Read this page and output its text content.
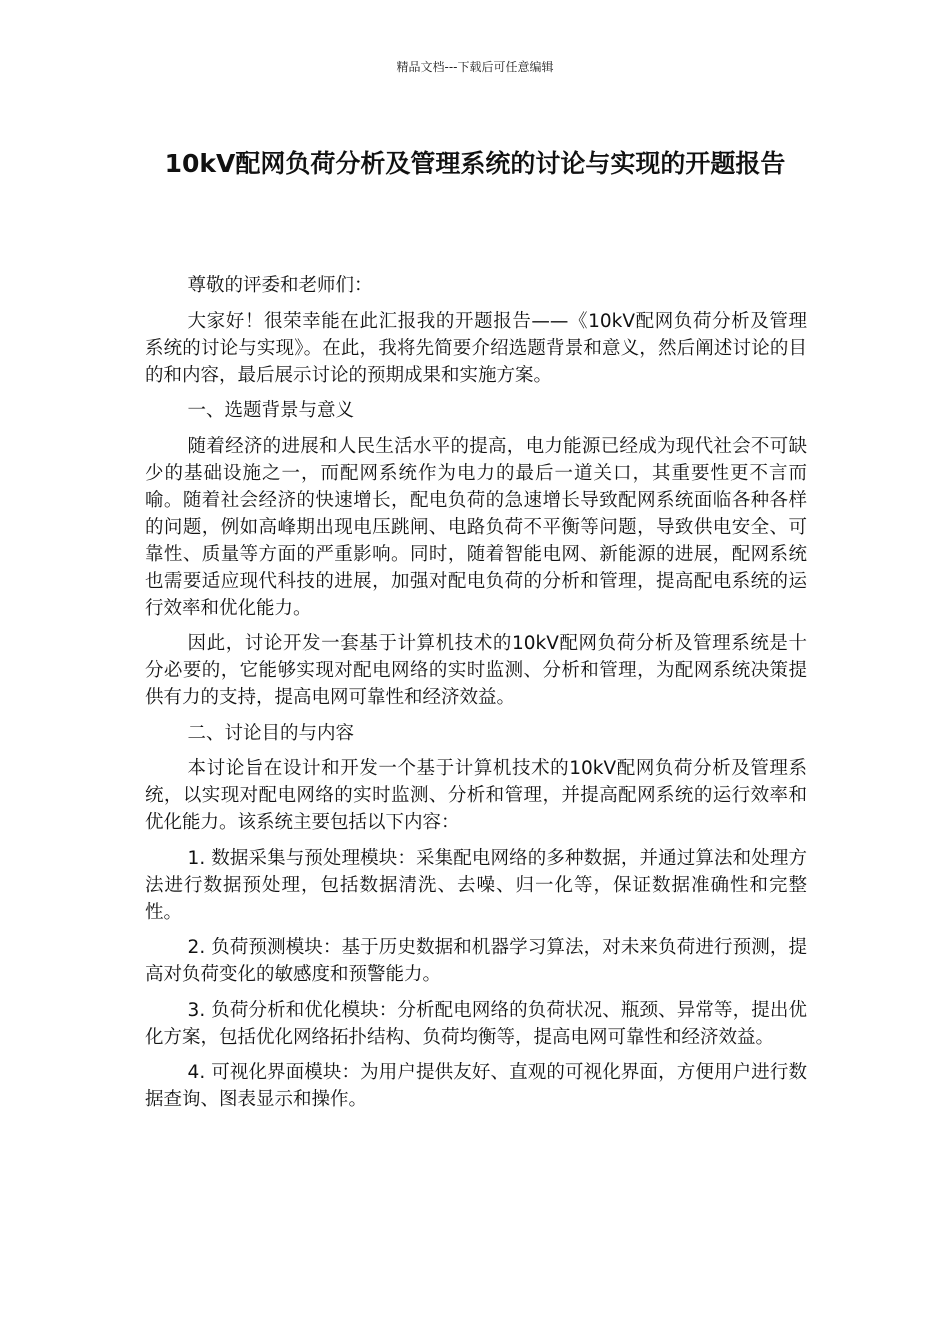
精品文档---下载后可任意编辑
10kV配网负荷分析及管理系统的讨论与实现的开题报告

尊敬的评委和老师们：

大家好！很荣幸能在此汇报我的开题报告——《10kV配网负荷分析及管理系统的讨论与实现》。在此，我将先简要介绍选题背景和意义，然后阐述讨论的目的和内容，最后展示讨论的预期成果和实施方案。

一、选题背景与意义

随着经济的进展和人民生活水平的提高，电力能源已经成为现代社会不可缺少的基础设施之一，而配网系统作为电力的最后一道关口，其重要性更不言而喻。随着社会经济的快速增长，配电负荷的急速增长导致配网系统面临各种各样的问题，例如高峰期出现电压跳闸、电路负荷不平衡等问题，导致供电安全、可靠性、质量等方面的严重影响。同时，随着智能电网、新能源的进展，配网系统也需要适应现代科技的进展，加强对配电负荷的分析和管理，提高配电系统的运行效率和优化能力。

因此，讨论开发一套基于计算机技术的10kV配网负荷分析及管理系统是十分必要的，它能够实现对配电网络的实时监测、分析和管理，为配网系统决策提供有力的支持，提高电网可靠性和经济效益。

二、讨论目的与内容

本讨论旨在设计和开发一个基于计算机技术的10kV配网负荷分析及管理系统，以实现对配电网络的实时监测、分析和管理，并提高配网系统的运行效率和优化能力。该系统主要包括以下内容：

1. 数据采集与预处理模块：采集配电网络的多种数据，并通过算法和处理方法进行数据预处理，包括数据清洗、去噪、归一化等，保证数据准确性和完整性。

2. 负荷预测模块：基于历史数据和机器学习算法，对未来负荷进行预测，提高对负荷变化的敏感度和预警能力。

3. 负荷分析和优化模块：分析配电网络的负荷状况、瓶颈、异常等，提出优化方案，包括优化网络拓扑结构、负荷均衡等，提高电网可靠性和经济效益。

4. 可视化界面模块：为用户提供友好、直观的可视化界面，方便用户进行数据查询、图表显示和操作。
